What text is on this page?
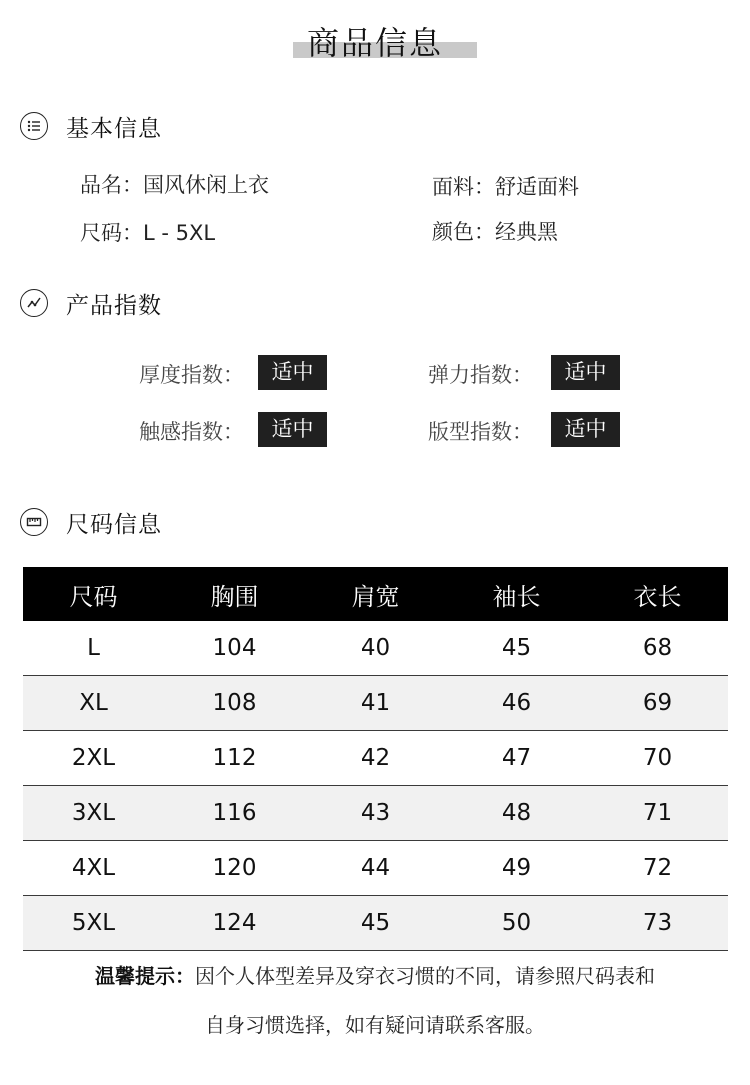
商品信息
基本信息
品名：国风休闲上衣	面料：舒适面料
尺码：L - 5XL	颜色：经典黑
产品指数
厚度指数：	适中	弹力指数：	适中
触感指数：	适中	版型指数：	适中
尺码信息
尺码	胸围	肩宽	袖长	衣长
L	104	40	45	68
XL	108	41	46	69
2XL	112	42	47	70
3XL	116	43	48	71
4XL	120	44	49	72
5XL	124	45	50	73
温馨提示：因个人体型差异及穿衣习惯的不同，请参照尺码表和
自身习惯选择，如有疑问请联系客服。
